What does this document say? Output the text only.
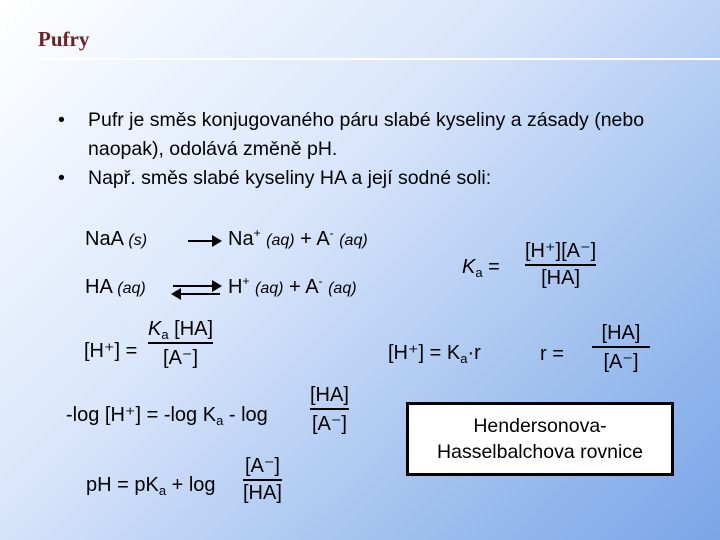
Pufry
• Pufr je směs konjugovaného páru slabé kyseliny a zásady (nebo naopak), odolává změně pH.
• Např. směs slabé kyseliny HA a její sodné soli:
NaA (s)	Na+ (aq) + A- (aq)
HA (aq)	H+ (aq) + A- (aq)
$K_a$ =
[H⁺][A⁻]
[HA]
[H⁺] =
$K_a$ [HA]
[A⁻]	$[H^+] = K_a\cdot r$	r =
[HA]
[A⁻]
-log [H⁺] = -log $K_a$ - log
[HA]
[A⁻]
pH = $pK_a + \log$
[A⁻]
[HA]
Hendersonova-
Hasselbalchova rovnice
